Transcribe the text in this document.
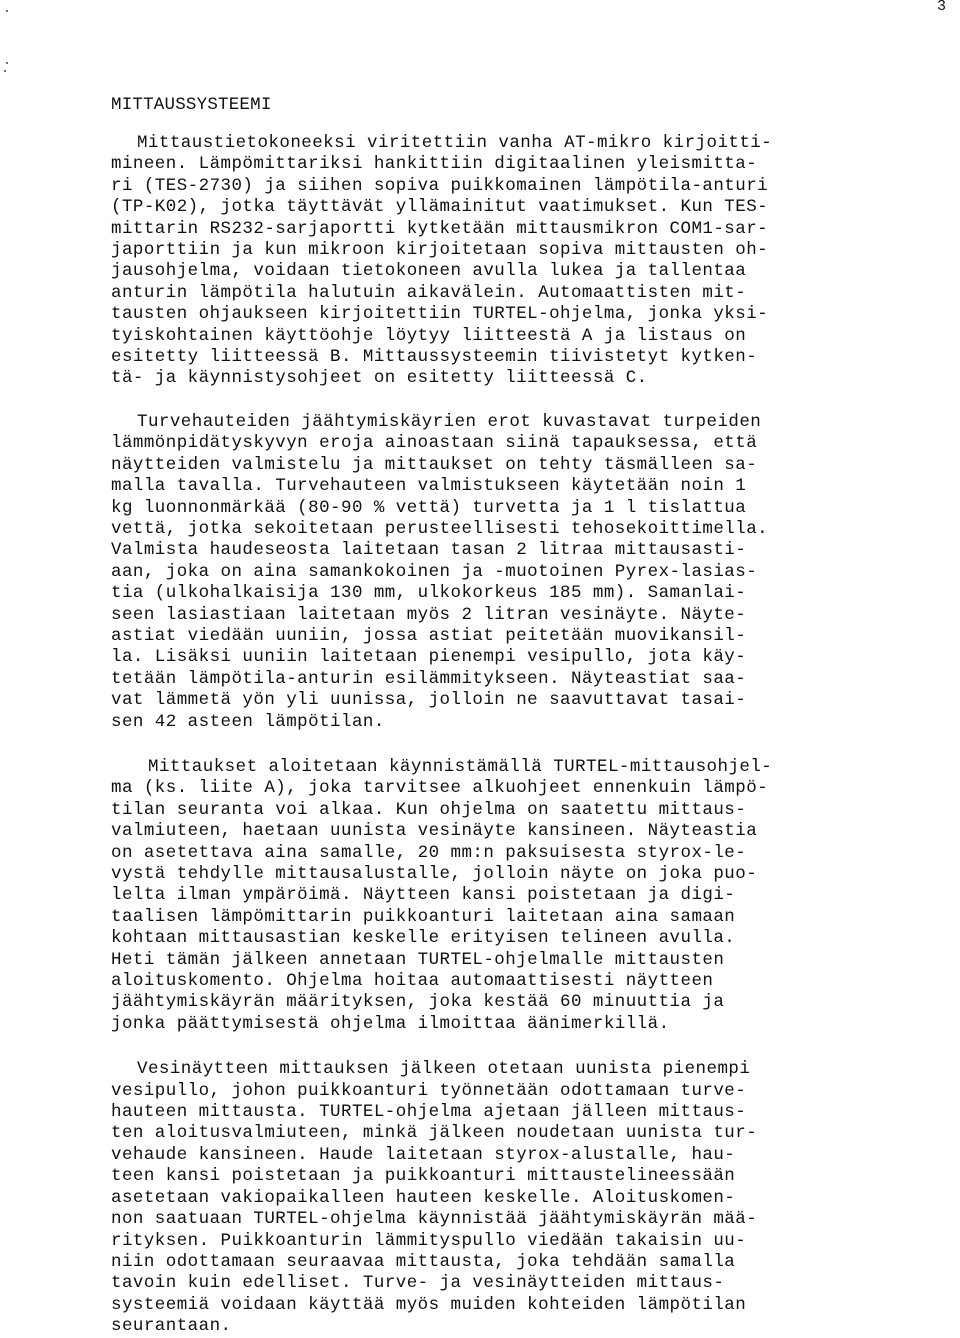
3
MITTAUSSYSTEEMI
Mittaustietokoneeksi viritettiin vanha AT-mikro kirjoitti-
mineen. Lämpömittariksi hankittiin digitaalinen yleismitta-
ri (TES-2730) ja siihen sopiva puikkomainen lämpötila-anturi
(TP-K02), jotka täyttävät yllämainitut vaatimukset. Kun TES-
mittarin RS232-sarjaportti kytketään mittausmikron COM1-sar-
japorttiin ja kun mikroon kirjoitetaan sopiva mittausten oh-
jausohjelma, voidaan tietokoneen avulla lukea ja tallentaa
anturin lämpötila halutuin aikavälein. Automaattisten mit-
tausten ohjaukseen kirjoitettiin TURTEL-ohjelma, jonka yksi-
tyiskohtainen käyttöohje löytyy liitteestä A ja listaus on
esitetty liitteessä B. Mittaussysteemin tiivistetyt kytken-
tä- ja käynnistysohjeet on esitetty liitteessä C.
Turvehauteiden jäähtymiskäyrien erot kuvastavat turpeiden
lämmönpidätyskyvyn eroja ainoastaan siinä tapauksessa, että
näytteiden valmistelu ja mittaukset on tehty täsmälleen sa-
malla tavalla. Turvehauteen valmistukseen käytetään noin 1
kg luonnonmärkää (80-90 % vettä) turvetta ja 1 l tislattua
vettä, jotka sekoitetaan perusteellisesti tehosekoittimella.
Valmista haudeseosta laitetaan tasan 2 litraa mittausasti-
aan, joka on aina samankokoinen ja -muotoinen Pyrex-lasias-
tia (ulkohalkaisija 130 mm, ulkokorkeus 185 mm). Samanlai-
seen lasiastiaan laitetaan myös 2 litran vesinäyte. Näyte-
astiat viedään uuniin, jossa astiat peitetään muovikansil-
la. Lisäksi uuniin laitetaan pienempi vesipullo, jota käy-
tetään lämpötila-anturin esilämmitykseen. Näyteastiat saa-
vat lämmetä yön yli uunissa, jolloin ne saavuttavat tasai-
sen 42 asteen lämpötilan.
Mittaukset aloitetaan käynnistämällä TURTEL-mittausohjel-
ma (ks. liite A), joka tarvitsee alkuohjeet ennenkuin lämpö-
tilan seuranta voi alkaa. Kun ohjelma on saatettu mittaus-
valmiuteen, haetaan uunista vesinäyte kansineen. Näyteastia
on asetettava aina samalle, 20 mm:n paksuisesta styrox-le-
vystä tehdylle mittausalustalle, jolloin näyte on joka puo-
lelta ilman ympäröimä. Näytteen kansi poistetaan ja digi-
taalisen lämpömittarin puikkoanturi laitetaan aina samaan
kohtaan mittausastian keskelle erityisen telineen avulla.
Heti tämän jälkeen annetaan TURTEL-ohjelmalle mittausten
aloituskomento. Ohjelma hoitaa automaattisesti näytteen
jäähtymiskäyrän määrityksen, joka kestää 60 minuuttia ja
jonka päättymisestä ohjelma ilmoittaa äänimerkillä.
Vesinäytteen mittauksen jälkeen otetaan uunista pienempi
vesipullo, johon puikkoanturi työnnetään odottamaan turve-
hauteen mittausta. TURTEL-ohjelma ajetaan jälleen mittaus-
ten aloitusvalmiuteen, minkä jälkeen noudetaan uunista tur-
vehaude kansineen. Haude laitetaan styrox-alustalle, hau-
teen kansi poistetaan ja puikkoanturi mittaustelineessään
asetetaan vakiopaikalleen hauteen keskelle. Aloituskomen-
non saatuaan TURTEL-ohjelma käynnistää jäähtymiskäyrän mää-
rityksen. Puikkoanturin lämmityspullo viedään takaisin uu-
niin odottamaan seuraavaa mittausta, joka tehdään samalla
tavoin kuin edelliset. Turve- ja vesinäytteiden mittaus-
systeemiä voidaan käyttää myös muiden kohteiden lämpötilan
seurantaan.
